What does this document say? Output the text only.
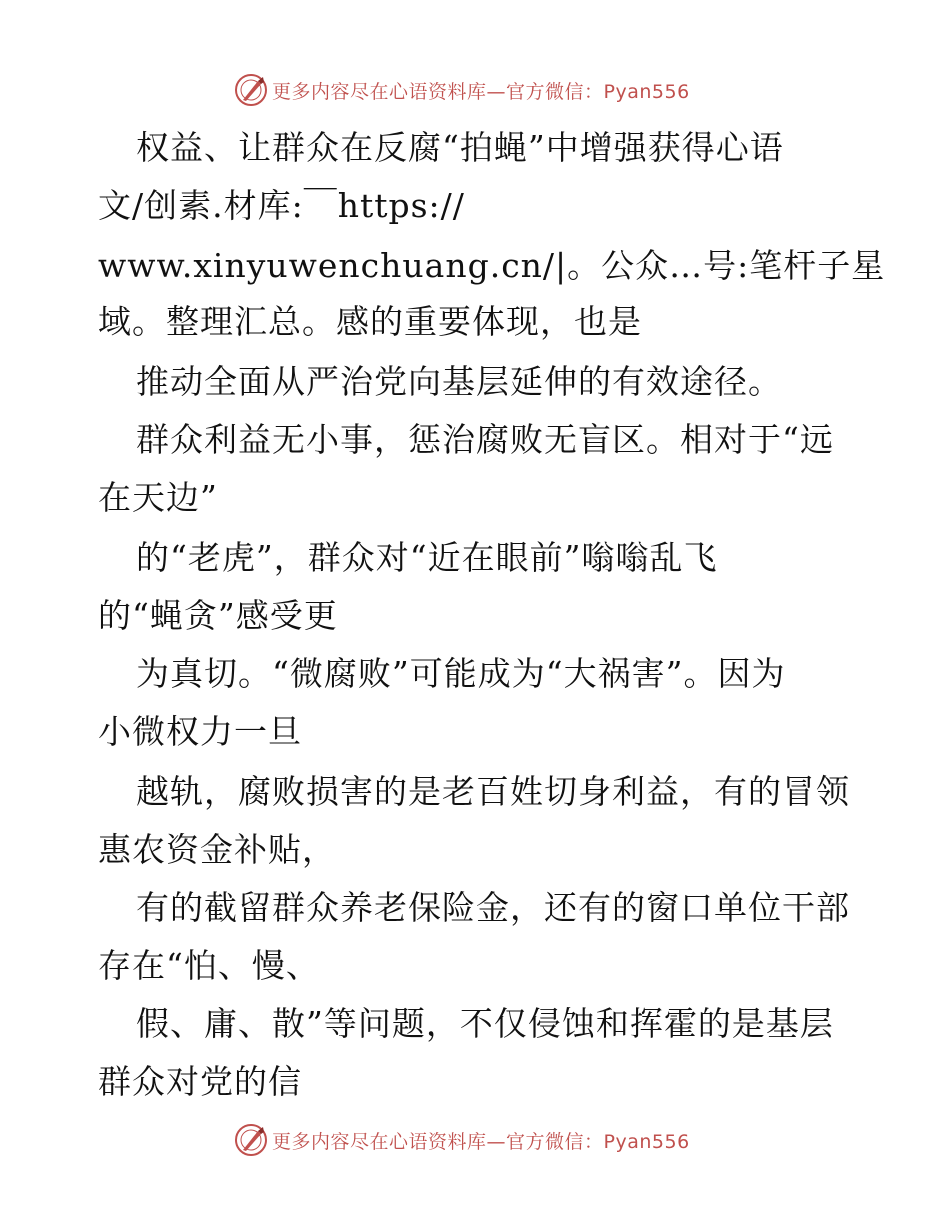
更多内容尽在心语资料库—官方微信：Pyan556
权益、让群众在反腐“拍蝇”中增强获得心语
文/创素.材库:￣https://
www.xinyuwenchuang.cn/|。公众…号:笔杆子星
域。整理汇总。感的重要体现，也是
推动全面从严治党向基层延伸的有效途径。
群众利益无小事，惩治腐败无盲区。相对于“远
在天边”
的“老虎”，群众对“近在眼前”嗡嗡乱飞
的“蝇贪”感受更
为真切。“微腐败”可能成为“大祸害”。因为
小微权力一旦
越轨，腐败损害的是老百姓切身利益，有的冒领
惠农资金补贴，
有的截留群众养老保险金，还有的窗口单位干部
存在“怕、慢、
假、庸、散”等问题，不仅侵蚀和挥霍的是基层
群众对党的信
更多内容尽在心语资料库—官方微信：Pyan556
